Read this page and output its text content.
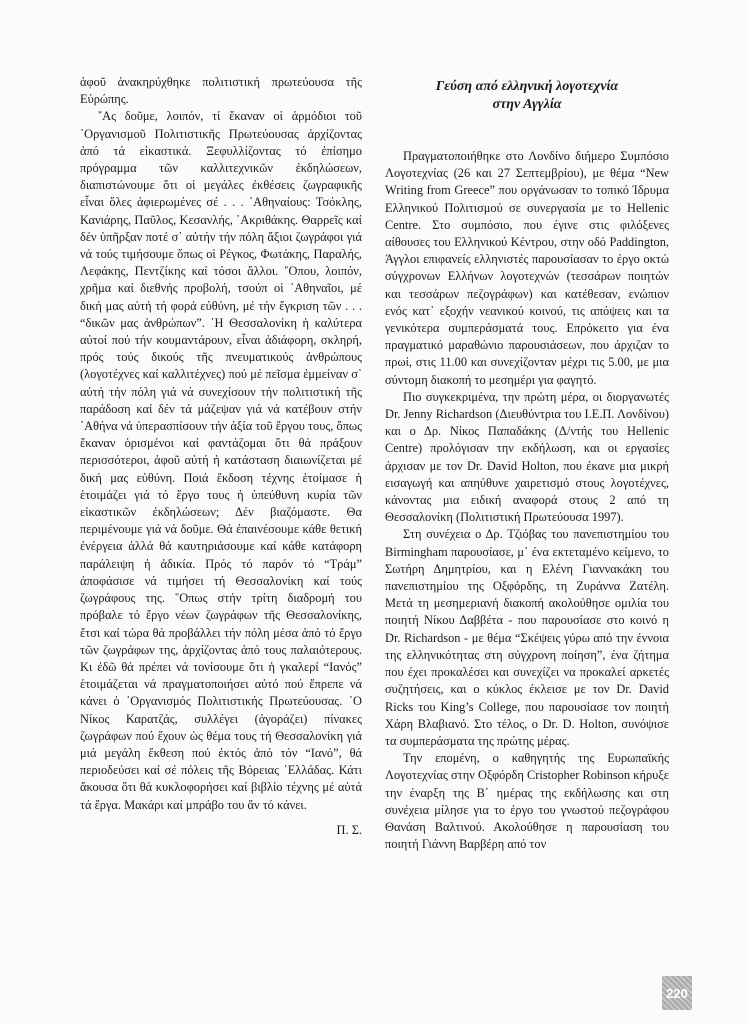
ἀφοῦ ἀνακηρύχθηκε πολιτιστική πρωτεύουσα τῆς Εὐρώπης.

῎Ας δοῦμε, λοιπόν, τί ἔκαναν οἱ ἁρμόδιοι τοῦ ᾿Οργανισμοῦ Πολιτιστικῆς Πρωτεύουσας ἀρχίζοντας ἀπό τά εἰκαστικά. Ξεφυλλίζοντας τό ἐπίσημο πρόγραμμα τῶν καλλιτεχνικῶν ἐκδηλώσεων, διαπιστώνουμε ὅτι οἱ μεγάλες ἐκθέσεις ζωγραφικῆς εἶναι ὅλες ἀφιερωμένες σέ . . . ᾿Αθηναίους: Τσόκλης, Κανιάρης, Παῦλος, Κεσανλής, ᾿Ακριθάκης. Θαρρεῖς καί δέν ὑπῆρξαν ποτέ σ᾿ αὐτήν τήν πόλη ἄξιοι ζωγράφοι γιά νά τούς τιμήσουμε ὅπως οἱ Ρέγκος, Φωτάκης, Παραλής, Λεφάκης, Πεντζίκης καί τόσοι ἄλλοι. ῞Οπου, λοιπόν, χρῆμα καί διεθνής προβολή, τσούπ οἱ ᾿Αθηναῖοι, μέ δική μας αὐτή τή φορά εὐθύνη, μέ τήν ἔγκριση τῶν . . . “δικῶν μας ἀνθρώπων”. ῾Η Θεσσαλονίκη ἡ καλύτερα αὐτοί πού τήν κουμαντάρουν, εἶναι ἀδιάφορη, σκληρή, πρός τούς δικούς τῆς πνευματικούς ἀνθρώπους (λογοτέχνες καί καλλιτέχνες) πού μέ πεῖσμα ἐμμείναν σ᾿ αὐτή τήν πόλη γιά νά συνεχίσουν τήν πολιτιστική τῆς παράδοση καί δέν τά μάζεψαν γιά νά κατέβουν στήν ᾿Αθήνα νά ὑπερασπίσουν τήν ἀξία τοῦ ἔργου τους, ὅπως ἔκαναν ὁρισμένοι καί φαντάζομαι ὅτι θά πράξουν περισσότεροι, ἀφοῦ αὐτή ἡ κατάσταση διαιωνίζεται μέ δική μας εὐθύνη. Ποιά ἔκδοση τέχνης ἑτοίμασε ἡ ἑτοιμάζει γιά τό ἔργο τους ἡ ὑπεύθυνη κυρία τῶν εἰκαστικῶν ἐκδηλώσεων; Δέν βιαζόμαστε. Θα περιμένουμε γιά νά δοῦμε. Θά ἐπαινέσουμε κάθε θετική ἐνέργεια ἀλλά θά καυτηριάσουμε καί κάθε κατάφορη παράλειψη ἡ ἀδικία. Πρός τό παρόν τό “Τράμ” ἀποφάσισε νά τιμήσει τή Θεσσαλονίκη καί τούς ζωγράφους της. ῞Οπως στήν τρίτη διαδρομή του πρόβαλε τό ἔργο νέων ζωγράφων τῆς Θεσσαλονίκης, ἔτσι καί τώρα θά προβάλλει τήν πόλη μέσα ἀπό τό ἔργο τῶν ζωγράφων της, ἀρχίζοντας ἀπό τους παλαιότερους. Κι ἐδῶ θά πρέπει νά τονίσουμε ὅτι ἡ γκαλερί “Ιανός” ἑτοιμάζεται νά πραγματοποιήσει αὐτό πού ἔπρεπε νά κάνει ὁ ᾿Οργανισμός Πολιτιστικής Πρωτεύουσας. ῾Ο Νίκος Καρατζάς, συλλέγει (ἀγοράζει) πίνακες ζωγράφων πού ἔχουν ὡς θέμα τους τή Θεσσαλονίκη γιά μιά μεγάλη ἔκθεση πού ἐκτός ἀπό τόν “Ιανό”, θά περιοδεύσει καί σέ πόλεις τῆς Βόρειας ῾Ελλάδας. Κάτι ἄκουσα ὅτι θά κυκλοφορήσει καί βιβλίο τέχνης μέ αὐτά τά ἔργα. Μακάρι καί μπράβο του ἄν τό κάνει.

Π. Σ.

Γεύση από ελληνική λογοτεχνία
στην Αγγλία

Πραγματοποιήθηκε στο Λονδίνο διήμερο Συμπόσιο Λογοτεχνίας (26 και 27 Σεπτεμβρίου), με θέμα “New Writing from Greece” που οργάνωσαν το τοπικό Ίδρυμα Ελληνικού Πολιτισμού σε συνεργασία με το Hellenic Centre. Στο συμπόσιο, που έγινε στις φιλόξενες αίθουσες του Ελληνικού Κέντρου, στην οδό Paddington, Άγγλοι επιφανείς ελληνιστές παρουσίασαν το έργο οκτώ σύγχρονων Ελλήνων λογοτεχνών (τεσσάρων ποιητών και τεσσάρων πεζογράφων) και κατέθεσαν, ενώπιον ενός κατ᾿ εξοχήν νεανικού κοινού, τις απόψεις και τα γενικότερα συμπεράσματά τους. Επρόκειτο για ένα πραγματικό μαραθώνιο παρουσιάσεων, που άρχιζαν το πρωί, στις 11.00 και συνεχίζονταν μέχρι τις 5.00, με μια σύντομη διακοπή το μεσημέρι για φαγητό.

Πιο συγκεκριμένα, την πρώτη μέρα, οι διοργανωτές Dr. Jenny Richardson (Διευθύντρια του Ι.Ε.Π. Λονδίνου) και ο Δρ. Νίκος Παπαδάκης (Δ/ντής του Hellenic Centre) προλόγισαν την εκδήλωση, και οι εργασίες άρχισαν με τον Dr. David Holton, που έκανε μια μικρή εισαγωγή και απηύθυνε χαιρετισμό στους λογοτέχνες, κάνοντας μια ειδική αναφορά στους 2 από τη Θεσσαλονίκη (Πολιτιστική Πρωτεύουσα 1997).

Στη συνέχεια ο Δρ. Τζιόβας του πανεπιστημίου του Birmingham παρουσίασε, μ᾿ ένα εκτεταμένο κείμενο, το Σωτήρη Δημητρίου, και η Ελένη Γιαννακάκη του πανεπιστημίου της Οξφόρδης, τη Ζυράννα Ζατέλη. Μετά τη μεσημεριανή διακοπή ακολούθησε ομιλία του ποιητή Νίκου Δαββέτα - που παρουσίασε στο κοινό η Dr. Richardson - με θέμα “Σκέψεις γύρω από την έννοια της ελληνικότητας στη σύγχρονη ποίηση”, ένα ζήτημα που έχει προκαλέσει και συνεχίζει να προκαλεί αρκετές συζητήσεις, και ο κύκλος έκλεισε με τον Dr. David Ricks του King’s College, που παρουσίασε τον ποιητή Χάρη Βλαβιανό. Στο τέλος, ο Dr. D. Holton, συνόψισε τα συμπεράσματα της πρώτης μέρας.

Την επομένη, ο καθηγητής της Ευρωπαϊκής Λογοτεχνίας στην Οξφόρδη Cristopher Robinson κήρυξε την έναρξη της Β΄ ημέρας της εκδήλωσης και στη συνέχεια μίλησε για το έργο του γνωστού πεζογράφου Θανάση Βαλτινού. Ακολούθησε η παρουσίαση του ποιητή Γιάννη Βαρβέρη από τον

220
